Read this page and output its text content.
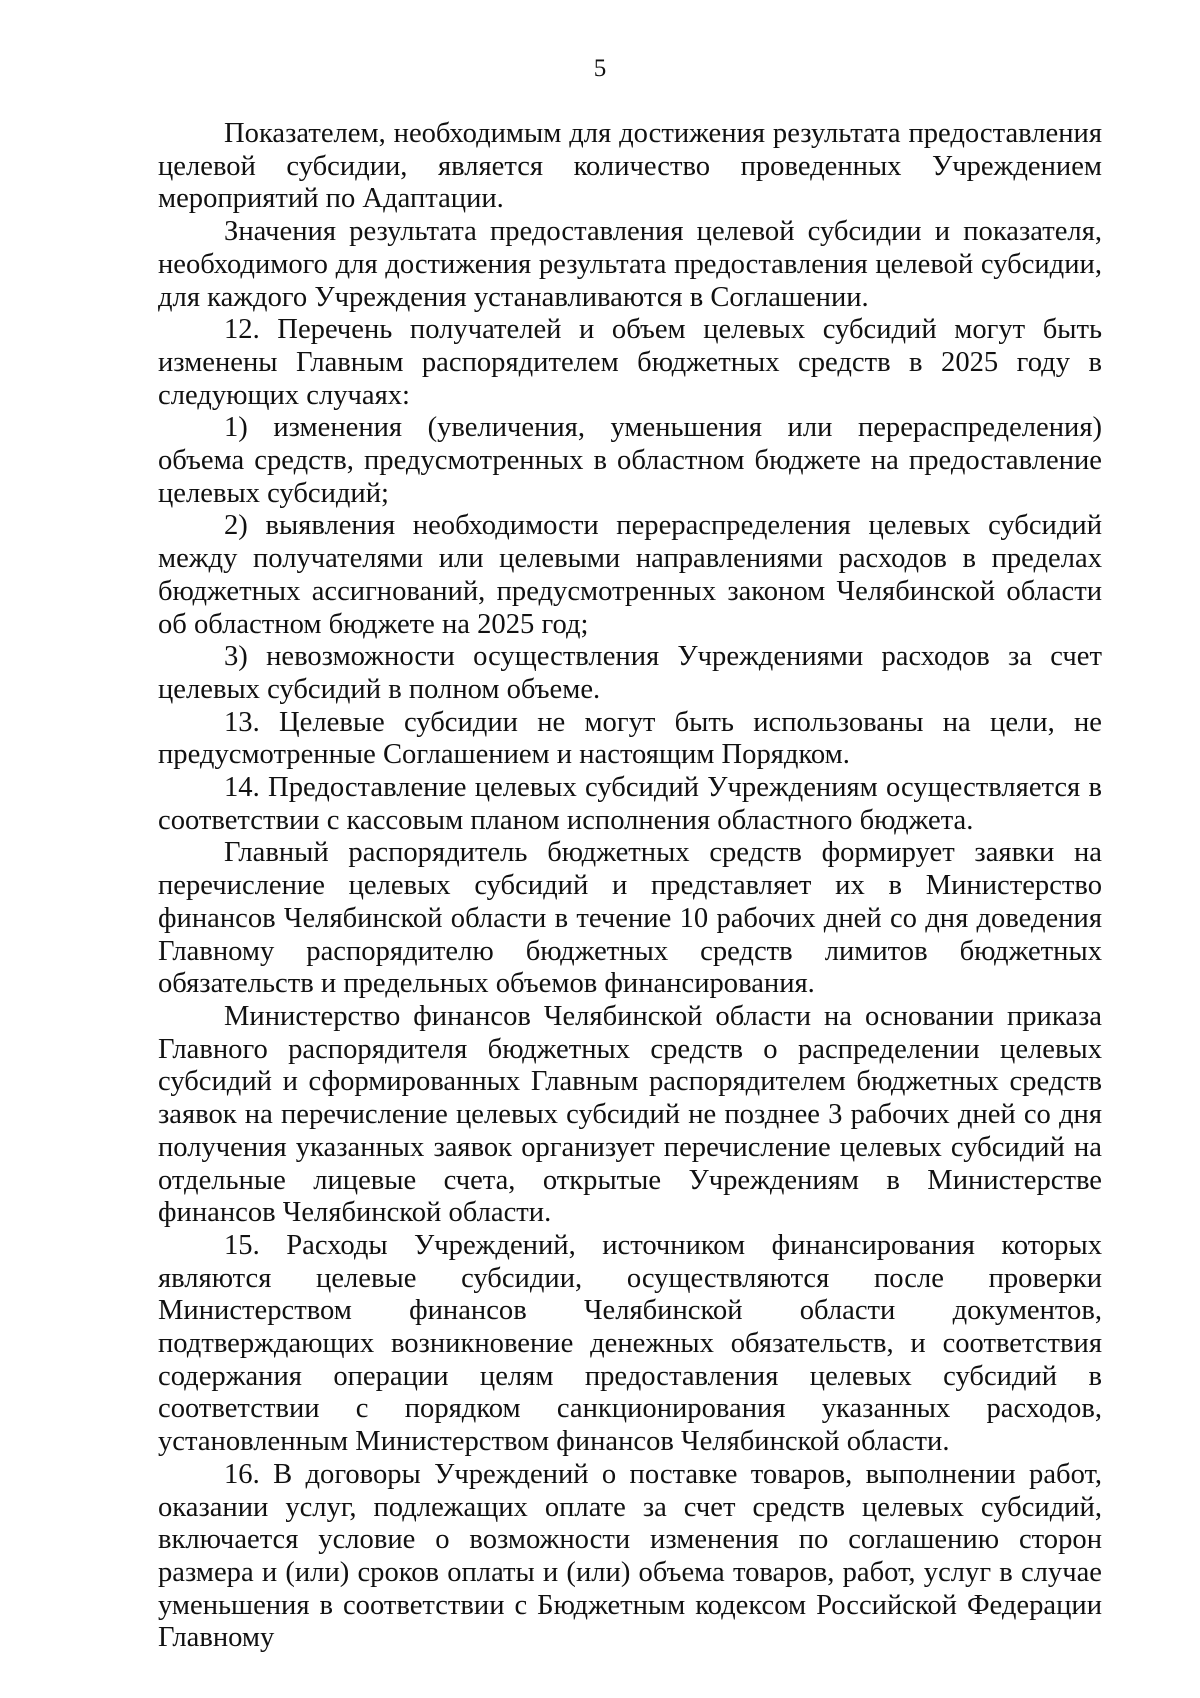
5

Показателем, необходимым для достижения результата предоставления целевой субсидии, является количество проведенных Учреждением мероприятий по Адаптации.

Значения результата предоставления целевой субсидии и показателя, необходимого для достижения результата предоставления целевой субсидии, для каждого Учреждения устанавливаются в Соглашении.

12. Перечень получателей и объем целевых субсидий могут быть изменены Главным распорядителем бюджетных средств в 2025 году в следующих случаях:

1) изменения (увеличения, уменьшения или перераспределения) объема средств, предусмотренных в областном бюджете на предоставление целевых субсидий;

2) выявления необходимости перераспределения целевых субсидий между получателями или целевыми направлениями расходов в пределах бюджетных ассигнований, предусмотренных законом Челябинской области об областном бюджете на 2025 год;

3) невозможности осуществления Учреждениями расходов за счет целевых субсидий в полном объеме.

13. Целевые субсидии не могут быть использованы на цели, не предусмотренные Соглашением и настоящим Порядком.

14. Предоставление целевых субсидий Учреждениям осуществляется в соответствии с кассовым планом исполнения областного бюджета.

Главный распорядитель бюджетных средств формирует заявки на перечисление целевых субсидий и представляет их в Министерство финансов Челябинской области в течение 10 рабочих дней со дня доведения Главному распорядителю бюджетных средств лимитов бюджетных обязательств и предельных объемов финансирования.

Министерство финансов Челябинской области на основании приказа Главного распорядителя бюджетных средств о распределении целевых субсидий и сформированных Главным распорядителем бюджетных средств заявок на перечисление целевых субсидий не позднее 3 рабочих дней со дня получения указанных заявок организует перечисление целевых субсидий на отдельные лицевые счета, открытые Учреждениям в Министерстве финансов Челябинской области.

15. Расходы Учреждений, источником финансирования которых являются целевые субсидии, осуществляются после проверки Министерством финансов Челябинской области документов, подтверждающих возникновение денежных обязательств, и соответствия содержания операции целям предоставления целевых субсидий в соответствии с порядком санкционирования указанных расходов, установленным Министерством финансов Челябинской области.

16. В договоры Учреждений о поставке товаров, выполнении работ, оказании услуг, подлежащих оплате за счет средств целевых субсидий, включается условие о возможности изменения по соглашению сторон размера и (или) сроков оплаты и (или) объема товаров, работ, услуг в случае уменьшения в соответствии с Бюджетным кодексом Российской Федерации Главному
